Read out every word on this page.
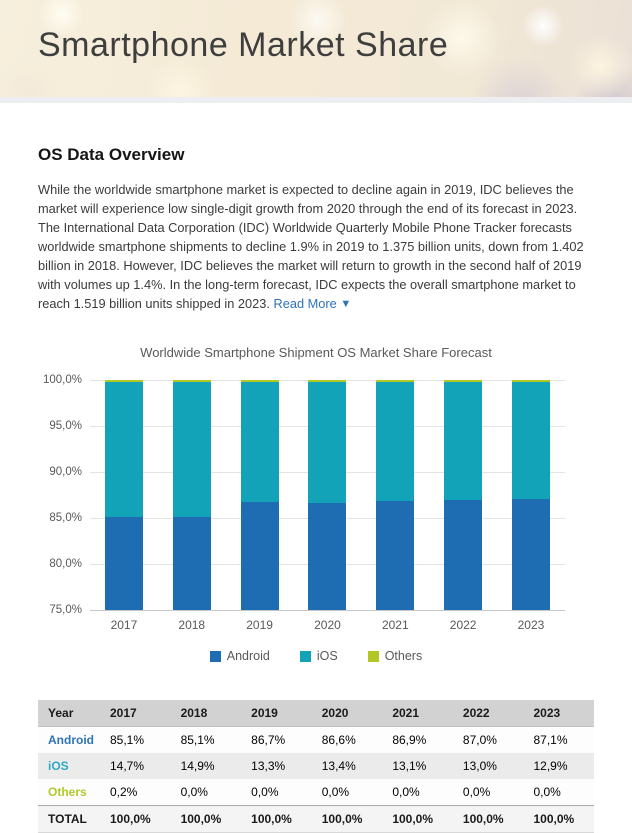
Smartphone Market Share
OS Data Overview

While the worldwide smartphone market is expected to decline again in 2019, IDC believes the market will experience low single-digit growth from 2020 through the end of its forecast in 2023. The International Data Corporation (IDC) Worldwide Quarterly Mobile Phone Tracker forecasts worldwide smartphone shipments to decline 1.9% in 2019 to 1.375 billion units, down from 1.402 billion in 2018. However, IDC believes the market will return to growth in the second half of 2019 with volumes up 1.4%. In the long-term forecast, IDC expects the overall smartphone market to reach 1.519 billion units shipped in 2023. Read More ▼

Worldwide Smartphone Shipment OS Market Share Forecast
100,0%
95,0%
90,0%
85,0%
80,0%
75,0%
2017	2018	2019	2020	2021	2022	2023
Android	iOS	Others
Year	2017	2018	2019	2020	2021	2022	2023
Android	85,1%	85,1%	86,7%	86,6%	86,9%	87,0%	87,1%
iOS	14,7%	14,9%	13,3%	13,4%	13,1%	13,0%	12,9%
Others	0,2%	0,0%	0,0%	0,0%	0,0%	0,0%	0,0%
TOTAL	100,0%	100,0%	100,0%	100,0%	100,0%	100,0%	100,0%
